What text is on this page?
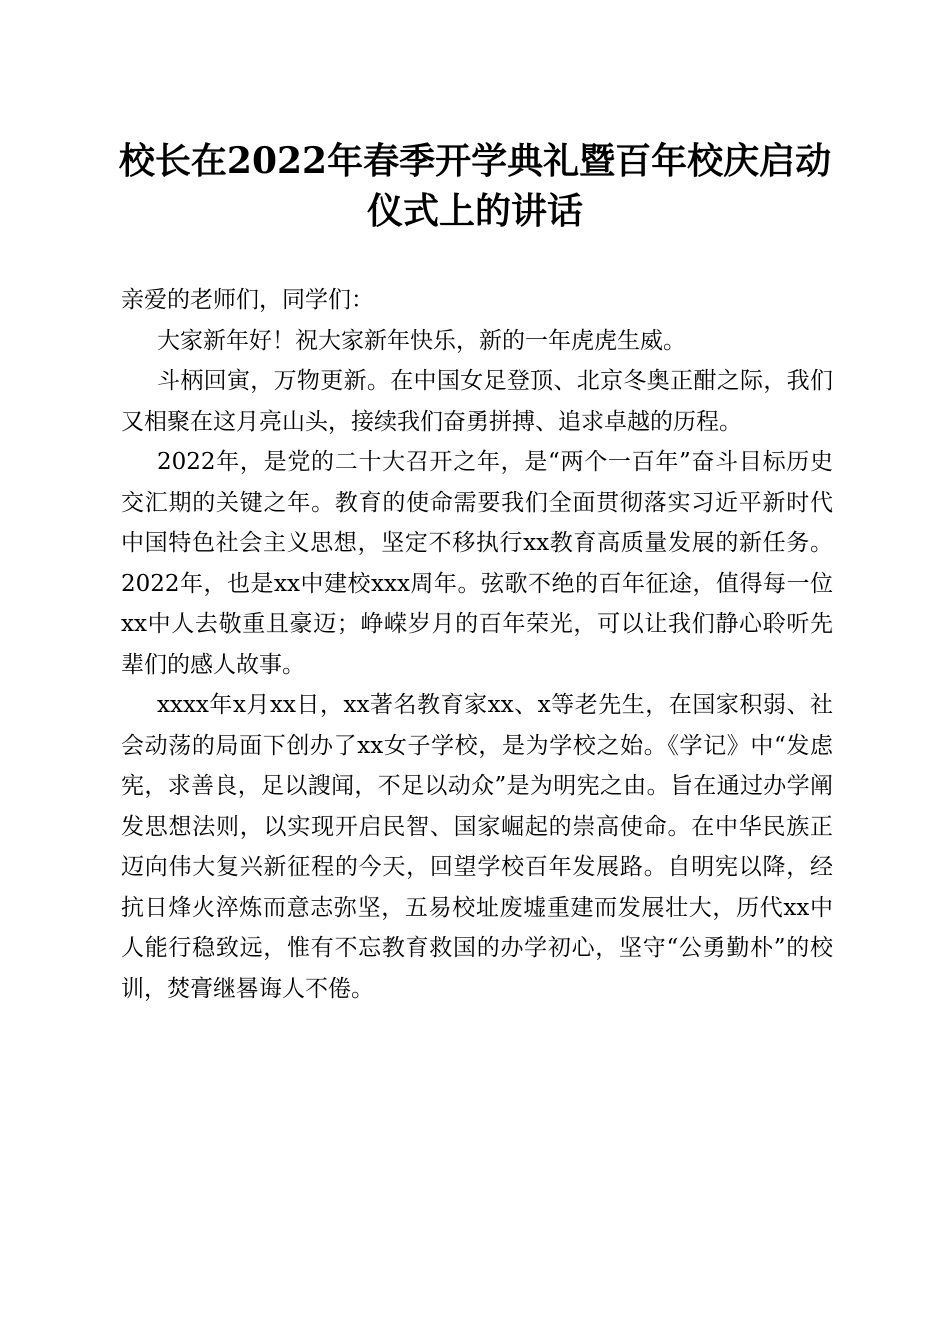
校长在2022年春季开学典礼暨百年校庆启动
仪式上的讲话

亲爱的老师们，同学们：

大家新年好！祝大家新年快乐，新的一年虎虎生威。

斗柄回寅，万物更新。在中国女足登顶、北京冬奥正酣之际，我们又相聚在这月亮山头，接续我们奋勇拼搏、追求卓越的历程。

2022年，是党的二十大召开之年，是“两个一百年”奋斗目标历史交汇期的关键之年。教育的使命需要我们全面贯彻落实习近平新时代中国特色社会主义思想，坚定不移执行xx教育高质量发展的新任务。2022年，也是xx中建校xxx周年。弦歌不绝的百年征途，值得每一位xx中人去敬重且豪迈；峥嵘岁月的百年荣光，可以让我们静心聆听先辈们的感人故事。

xxxx年x月xx日，xx著名教育家xx、x等老先生，在国家积弱、社会动荡的局面下创办了xx女子学校，是为学校之始。《学记》中“发虑宪，求善良，足以謏闻，不足以动众”是为明宪之由。旨在通过办学阐发思想法则，以实现开启民智、国家崛起的崇高使命。在中华民族正迈向伟大复兴新征程的今天，回望学校百年发展路。自明宪以降，经抗日烽火淬炼而意志弥坚，五易校址废墟重建而发展壮大，历代xx中人能行稳致远，惟有不忘教育救国的办学初心，坚守“公勇勤朴”的校训，焚膏继晷诲人不倦。
